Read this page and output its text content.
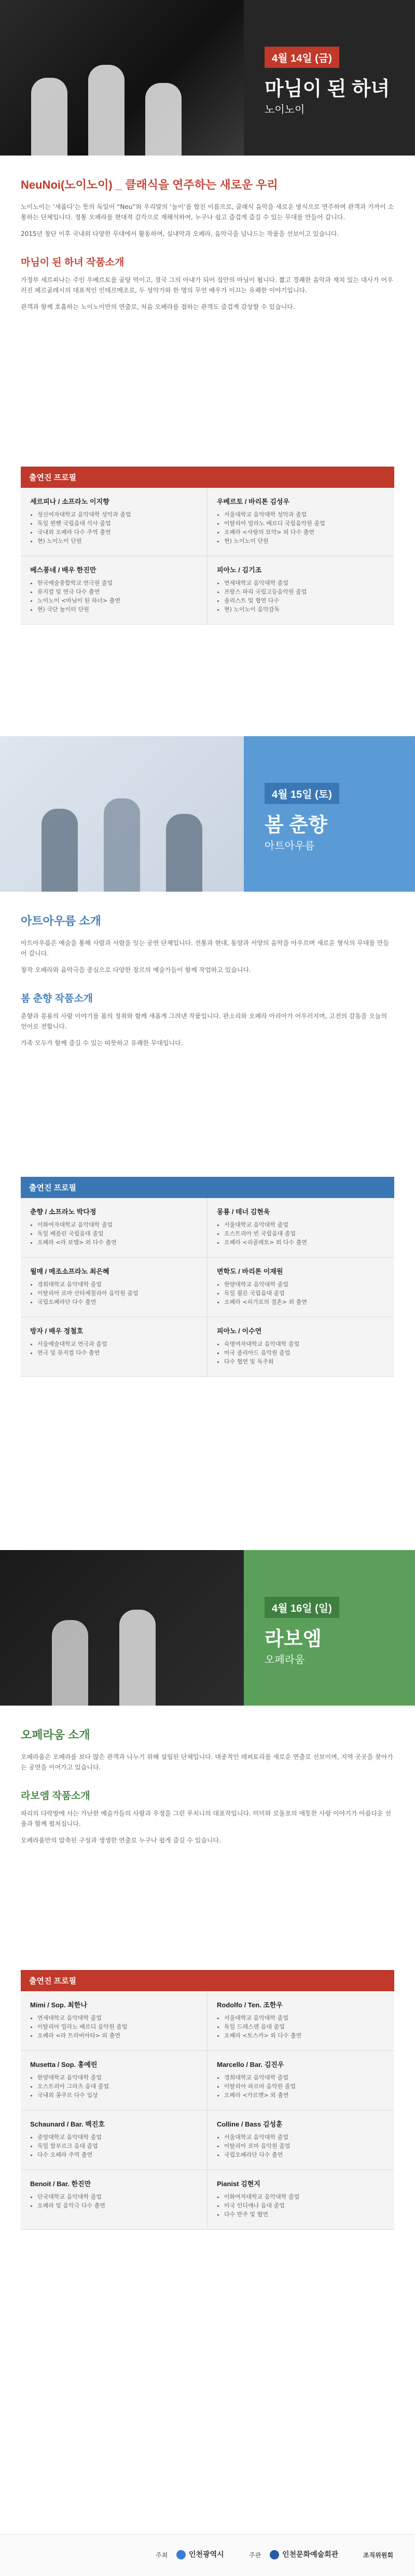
4월 14일 (금)
마님이 된 하녀
노이노이
NeuNoi(노이노이) _ 클래식을 연주하는 새로운 우리

노이노이는 ‘새롭다’는 뜻의 독일어 “Neu”와 우리말의 ‘놀이’를 합친 이름으로, 클래식 음악을 새로운 방식으로 연주하며 관객과 가까이 소통하는 단체입니다. 정통 오페라를 현대적 감각으로 재해석하여, 누구나 쉽고 즐겁게 즐길 수 있는 무대를 만들어 갑니다.

2015년 창단 이후 국내외 다양한 무대에서 활동하며, 실내악과 오페라, 음악극을 넘나드는 작품을 선보이고 있습니다.

마님이 된 하녀 작품소개

가정부 세르피나는 주인 우베르토를 골탕 먹이고, 결국 그의 아내가 되어 집안의 마님이 됩니다. 짧고 경쾌한 음악과 재치 있는 대사가 어우러진 페르골레시의 대표적인 인테르메조로, 두 성악가와 한 명의 무언 배우가 이끄는 유쾌한 이야기입니다.

관객과 함께 호흡하는 노이노이만의 연출로, 처음 오페라를 접하는 관객도 즐겁게 감상할 수 있습니다.

출연진 프로필
세르피나 / 소프라노 이지향
• 성신여자대학교 음악대학 성악과 졸업
• 독일 뮌헨 국립음대 석사 졸업
• 국내외 오페라 다수 주역 출연
• 현) 노이노이 단원
우베르토 / 바리톤 김성우
• 서울대학교 음악대학 성악과 졸업
• 이탈리아 밀라노 베르디 국립음악원 졸업
• 오페라 <사랑의 묘약> 외 다수 출연
• 현) 노이노이 단원
베스퐁네 / 배우 한진만
• 한국예술종합학교 연극원 졸업
• 뮤지컬 및 연극 다수 출연
• 노이노이 <마님이 된 하녀> 출연
• 현) 극단 놀이터 단원
피아노 / 김기조
• 연세대학교 음악대학 졸업
• 프랑스 파리 국립고등음악원 졸업
• 솔리스트 및 협연 다수
• 현) 노이노이 음악감독
4월 15일 (토)
봄 춘향
아트아우름
아트아우름 소개

아트아우름은 예술을 통해 사람과 사람을 잇는 공연 단체입니다. 전통과 현대, 동양과 서양의 음악을 아우르며 새로운 형식의 무대를 만들어 갑니다.

창작 오페라와 음악극을 중심으로 다양한 장르의 예술가들이 함께 작업하고 있습니다.

봄 춘향 작품소개

춘향과 몽룡의 사랑 이야기를 봄의 정취와 함께 새롭게 그려낸 작품입니다. 판소리와 오페라 아리아가 어우러지며, 고전의 감동을 오늘의 언어로 전합니다.

가족 모두가 함께 즐길 수 있는 따뜻하고 유쾌한 무대입니다.

출연진 프로필
춘향 / 소프라노 박다정
• 이화여자대학교 음악대학 졸업
• 독일 베를린 국립음대 졸업
• 오페라 <라 보엠> 외 다수 출연
몽룡 / 테너 김현욱
• 서울대학교 음악대학 졸업
• 오스트리아 빈 국립음대 졸업
• 오페라 <리골레토> 외 다수 출연
월매 / 메조소프라노 최은혜
• 경희대학교 음악대학 졸업
• 이탈리아 로마 산타체칠리아 음악원 졸업
• 국립오페라단 다수 출연
변학도 / 바리톤 이재원
• 한양대학교 음악대학 졸업
• 독일 쾰른 국립음대 졸업
• 오페라 <피가로의 결혼> 외 출연
방자 / 배우 정철호
• 서울예술대학교 연극과 졸업
• 연극 및 뮤지컬 다수 출연
피아노 / 이수연
• 숙명여자대학교 음악대학 졸업
• 미국 줄리아드 음악원 졸업
• 다수 협연 및 독주회
4월 16일 (일)
라보엠
오페라움
오페라움 소개

오페라움은 오페라를 보다 많은 관객과 나누기 위해 설립된 단체입니다. 대중적인 레퍼토리를 새로운 연출로 선보이며, 지역 곳곳을 찾아가는 공연을 이어가고 있습니다.

라보엠 작품소개

파리의 다락방에 사는 가난한 예술가들의 사랑과 우정을 그린 푸치니의 대표작입니다. 미미와 로돌포의 애틋한 사랑 이야기가 아름다운 선율과 함께 펼쳐집니다.

오페라움만의 압축된 구성과 생생한 연출로 누구나 쉽게 즐길 수 있습니다.

출연진 프로필
Mimi / Sop. 최한나
• 연세대학교 음악대학 졸업
• 이탈리아 밀라노 베르디 음악원 졸업
• 오페라 <라 트라비아타> 외 출연
Rodolfo / Ten. 조한우
• 서울대학교 음악대학 졸업
• 독일 드레스덴 음대 졸업
• 오페라 <토스카> 외 다수 출연
Musetta / Sop. 홍예린
• 한양대학교 음악대학 졸업
• 오스트리아 그라츠 음대 졸업
• 국내외 콩쿠르 다수 입상
Marcello / Bar. 김진우
• 경희대학교 음악대학 졸업
• 이탈리아 파르마 음악원 졸업
• 오페라 <카르멘> 외 출연
Schaunard / Bar. 백진호
• 중앙대학교 음악대학 졸업
• 독일 함부르크 음대 졸업
• 다수 오페라 주역 출연
Colline / Bass 김성훈
• 서울대학교 음악대학 졸업
• 이탈리아 로마 음악원 졸업
• 국립오페라단 다수 출연
Benoit / Bar. 한진만
• 단국대학교 음악대학 졸업
• 오페라 및 음악극 다수 출연
Pianist 김현지
• 이화여자대학교 음악대학 졸업
• 미국 인디애나 음대 졸업
• 다수 반주 및 협연
주최	인천광역시	주관	인천문화예술회관	조직위원회
